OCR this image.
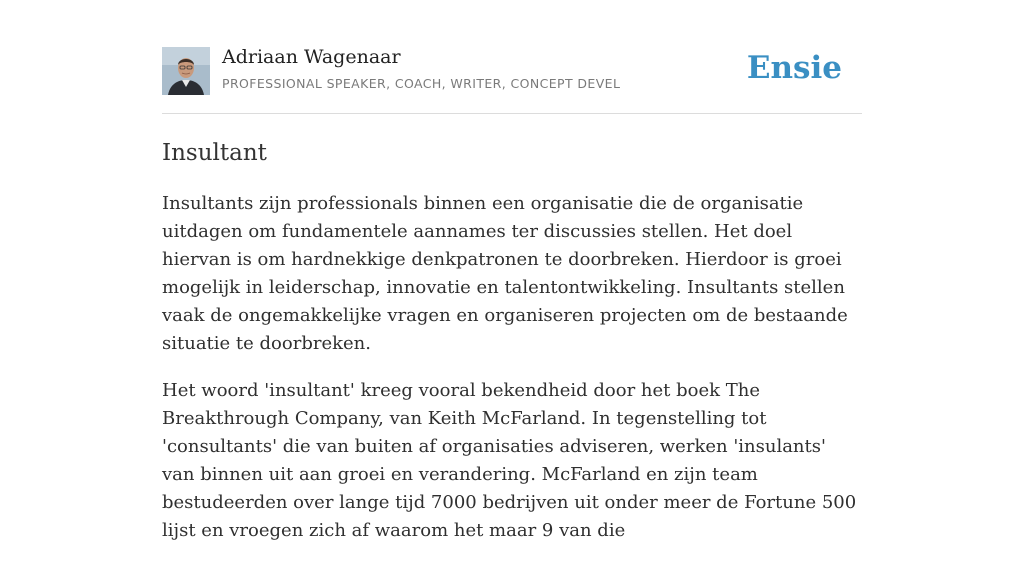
Adriaan Wagenaar
PROFESSIONAL SPEAKER, COACH, WRITER, CONCEPT DEVEL	Ensie
Insultant

Insultants zijn professionals binnen een organisatie die de organisatie uitdagen om fundamentele aannames ter discussies stellen. Het doel hiervan is om hardnekkige denkpatronen te doorbreken. Hierdoor is groei mogelijk in leiderschap, innovatie en talentontwikkeling. Insultants stellen vaak de ongemakkelijke vragen en organiseren projecten om de bestaande situatie te doorbreken.

Het woord 'insultant' kreeg vooral bekendheid door het boek The Breakthrough Company, van Keith McFarland. In tegenstelling tot 'consultants' die van buiten af organisaties adviseren, werken 'insulants' van binnen uit aan groei en verandering. McFarland en zijn team bestudeerden over lange tijd 7000 bedrijven uit onder meer de Fortune 500 lijst en vroegen zich af waarom het maar 9 van die
